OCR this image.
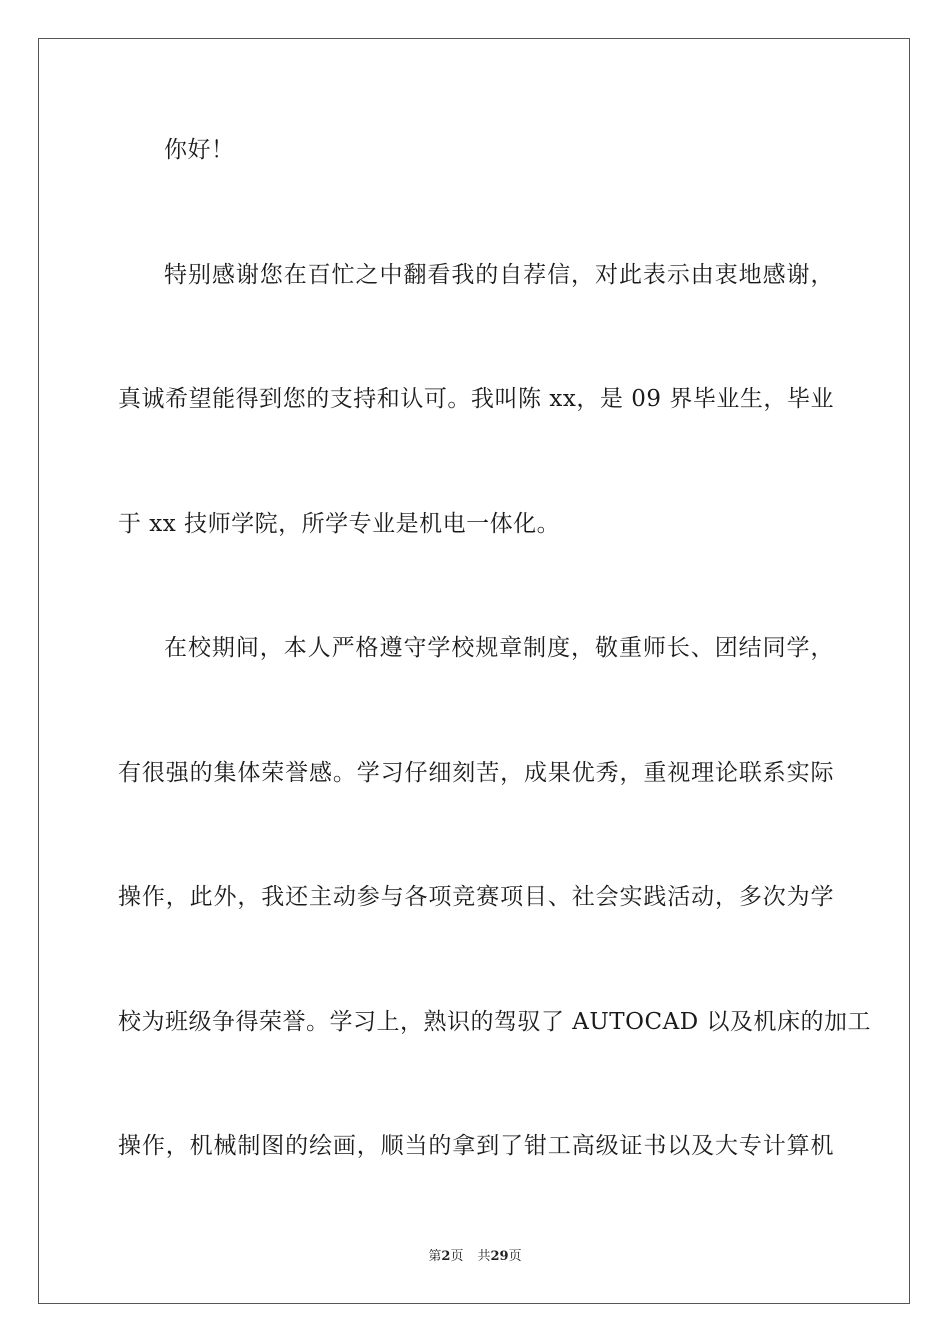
你好！
特别感谢您在百忙之中翻看我的自荐信，对此表示由衷地感谢，
真诚希望能得到您的支持和认可。我叫陈 xx，是 09 界毕业生，毕业
于 xx 技师学院，所学专业是机电一体化。
在校期间，本人严格遵守学校规章制度，敬重师长、团结同学，
有很强的集体荣誉感。学习仔细刻苦，成果优秀，重视理论联系实际
操作，此外，我还主动参与各项竞赛项目、社会实践活动，多次为学
校为班级争得荣誉。学习上，熟识的驾驭了 AUTOCAD 以及机床的加工
操作，机械制图的绘画，顺当的拿到了钳工高级证书以及大专计算机
第2页 共29页
